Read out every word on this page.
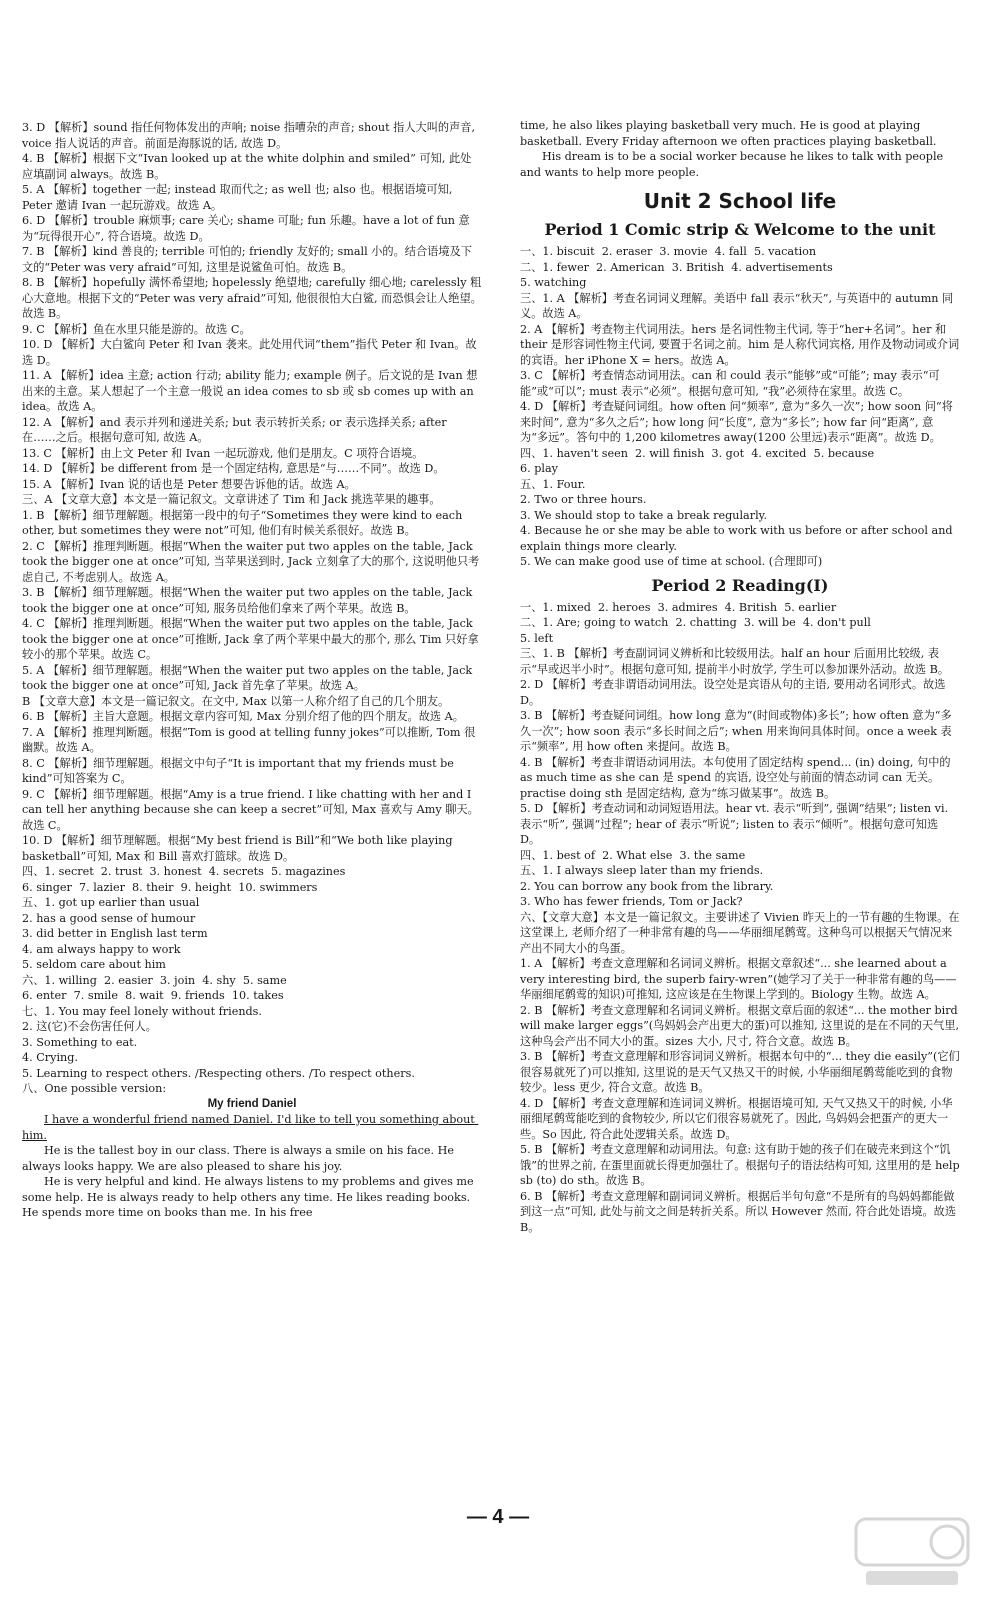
3. D 【解析】sound 指任何物体发出的声响; noise 指嘈杂的声音; shout 指人大叫的声音, voice 指人说话的声音。前面是海豚说的话, 故选 D。

4. B 【解析】根据下文“Ivan looked up at the white dolphin and smiled” 可知, 此处应填副词 always。故选 B。

5. A 【解析】together 一起; instead 取而代之; as well 也; also 也。根据语境可知, Peter 邀请 Ivan 一起玩游戏。故选 A。

6. D 【解析】trouble 麻烦事; care 关心; shame 可耻; fun 乐趣。have a lot of fun 意为“玩得很开心”, 符合语境。故选 D。

7. B 【解析】kind 善良的; terrible 可怕的; friendly 友好的; small 小的。结合语境及下文的“Peter was very afraid”可知, 这里是说鲨鱼可怕。故选 B。

8. B 【解析】hopefully 满怀希望地; hopelessly 绝望地; carefully 细心地; carelessly 粗心大意地。根据下文的“Peter was very afraid”可知, 他很很怕大白鲨, 而恐惧会让人绝望。故选 B。

9. C 【解析】鱼在水里只能是游的。故选 C。

10. D 【解析】大白鲨向 Peter 和 Ivan 袭来。此处用代词“them”指代 Peter 和 Ivan。故选 D。

11. A 【解析】idea 主意; action 行动; ability 能力; example 例子。后文说的是 Ivan 想出来的主意。某人想起了一个主意一般说 an idea comes to sb 或 sb comes up with an idea。故选 A。

12. A 【解析】and 表示并列和递进关系; but 表示转折关系; or 表示选择关系; after 在……之后。根据句意可知, 故选 A。

13. C 【解析】由上文 Peter 和 Ivan 一起玩游戏, 他们是朋友。C 项符合语境。

14. D 【解析】be different from 是一个固定结构, 意思是“与……不同”。故选 D。

15. A 【解析】Ivan 说的话也是 Peter 想要告诉他的话。故选 A。

三、A 【文章大意】本文是一篇记叙文。文章讲述了 Tim 和 Jack 挑选苹果的趣事。

1. B 【解析】细节理解题。根据第一段中的句子“Sometimes they were kind to each other, but sometimes they were not”可知, 他们有时候关系很好。故选 B。

2. C 【解析】推理判断题。根据“When the waiter put two apples on the table, Jack took the bigger one at once”可知, 当苹果送到时, Jack 立刻拿了大的那个, 这说明他只考虑自己, 不考虑别人。故选 A。

3. B 【解析】细节理解题。根据“When the waiter put two apples on the table, Jack took the bigger one at once”可知, 服务员给他们拿来了两个苹果。故选 B。

4. C 【解析】推理判断题。根据“When the waiter put two apples on the table, Jack took the bigger one at once”可推断, Jack 拿了两个苹果中最大的那个, 那么 Tim 只好拿较小的那个苹果。故选 C。

5. A 【解析】细节理解题。根据“When the waiter put two apples on the table, Jack took the bigger one at once”可知, Jack 首先拿了苹果。故选 A。

B 【文章大意】本文是一篇记叙文。在文中, Max 以第一人称介绍了自己的几个朋友。

6. B 【解析】主旨大意题。根据文章内容可知, Max 分别介绍了他的四个朋友。故选 A。

7. A 【解析】推理判断题。根据“Tom is good at telling funny jokes”可以推断, Tom 很幽默。故选 A。

8. C 【解析】细节理解题。根据文中句子“It is important that my friends must be kind”可知答案为 C。

9. C 【解析】细节理解题。根据“Amy is a true friend. I like chatting with her and I can tell her anything because she can keep a secret”可知, Max 喜欢与 Amy 聊天。故选 C。

10. D 【解析】细节理解题。根据“My best friend is Bill”和“We both like playing basketball”可知, Max 和 Bill 喜欢打篮球。故选 D。

四、1. secret  2. trust  3. honest  4. secrets  5. magazines

6. singer  7. lazier  8. their  9. height  10. swimmers

五、1. got up earlier than usual

2. has a good sense of humour

3. did better in English last term

4. am always happy to work

5. seldom care about him

六、1. willing  2. easier  3. join  4. shy  5. same

6. enter  7. smile  8. wait  9. friends  10. takes

七、1. You may feel lonely without friends.

2. 这(它)不会伤害任何人。

3. Something to eat.

4. Crying.

5. Learning to respect others. /Respecting others. /To respect others.

八、One possible version:

My friend Daniel

I have a wonderful friend named Daniel. I'd like to tell you something about him.

He is the tallest boy in our class. There is always a smile on his face. He always looks happy. We are also pleased to share his joy.

He is very helpful and kind. He always listens to my problems and gives me some help. He is always ready to help others any time. He likes reading books. He spends more time on books than me. In his free

time, he also likes playing basketball very much. He is good at playing basketball. Every Friday afternoon we often practices playing basketball.

His dream is to be a social worker because he likes to talk with people and wants to help more people.

Unit 2 School life
Period 1 Comic strip & Welcome to the unit

一、1. biscuit  2. eraser  3. movie  4. fall  5. vacation

二、1. fewer  2. American  3. British  4. advertisements

5. watching

三、1. A 【解析】考查名词词义理解。美语中 fall 表示“秋天”, 与英语中的 autumn 同义。故选 A。

2. A 【解析】考查物主代词用法。hers 是名词性物主代词, 等于“her+名词”。her 和 their 是形容词性物主代词, 要置于名词之前。him 是人称代词宾格, 用作及物动词或介词的宾语。her iPhone X = hers。故选 A。

3. C 【解析】考查情态动词用法。can 和 could 表示“能够”或“可能”; may 表示“可能”或“可以”; must 表示“必须”。根据句意可知, “我”必须待在家里。故选 C。

4. D 【解析】考查疑问词组。how often 问“频率”, 意为“多久一次”; how soon 问“将来时间”, 意为“多久之后”; how long 问“长度”, 意为“多长”; how far 问“距离”, 意为“多远”。答句中的 1,200 kilometres away(1200 公里远)表示“距离”。故选 D。

四、1. haven't seen  2. will finish  3. got  4. excited  5. because

6. play

五、1. Four.

2. Two or three hours.

3. We should stop to take a break regularly.

4. Because he or she may be able to work with us before or after school and explain things more clearly.

5. We can make good use of time at school. (合理即可)

Period 2 Reading(Ⅰ)

一、1. mixed  2. heroes  3. admires  4. British  5. earlier

二、1. Are; going to watch  2. chatting  3. will be  4. don't pull

5. left

三、1. B 【解析】考查副词词义辨析和比较级用法。half an hour 后面用比较级, 表示“早或迟半小时”。根据句意可知, 提前半小时放学, 学生可以参加课外活动。故选 B。

2. D 【解析】考查非谓语动词用法。设空处是宾语从句的主语, 要用动名词形式。故选 D。

3. B 【解析】考查疑问词组。how long 意为“(时间或物体)多长”; how often 意为“多久一次”; how soon 表示“多长时间之后”; when 用来询问具体时间。once a week 表示“频率”, 用 how often 来提问。故选 B。

4. B 【解析】考查非谓语动词用法。本句使用了固定结构 spend... (in) doing, 句中的 as much time as she can 是 spend 的宾语, 设空处与前面的情态动词 can 无关。practise doing sth 是固定结构, 意为“练习做某事”。故选 B。

5. D 【解析】考查动词和动词短语用法。hear vt. 表示“听到”, 强调“结果”; listen vi. 表示“听”, 强调“过程”; hear of 表示“听说”; listen to 表示“倾听”。根据句意可知选 D。

四、1. best of  2. What else  3. the same

五、1. I always sleep later than my friends.

2. You can borrow any book from the library.

3. Who has fewer friends, Tom or Jack?

六、【文章大意】本文是一篇记叙文。主要讲述了 Vivien 昨天上的一节有趣的生物课。在这堂课上, 老师介绍了一种非常有趣的鸟——华丽细尾鹩莺。这种鸟可以根据天气情况来产出不同大小的鸟蛋。

1. A 【解析】考查文意理解和名词词义辨析。根据文章叙述“... she learned about a very interesting bird, the superb fairy-wren”(她学习了关于一种非常有趣的鸟——华丽细尾鹩莺的知识)可推知, 这应该是在生物课上学到的。Biology 生物。故选 A。

2. B 【解析】考查文意理解和名词词义辨析。根据文章后面的叙述“... the mother bird will make larger eggs”(鸟妈妈会产出更大的蛋)可以推知, 这里说的是在不同的天气里, 这种鸟会产出不同大小的蛋。sizes 大小, 尺寸, 符合文意。故选 B。

3. B 【解析】考查文意理解和形容词词义辨析。根据本句中的“... they die easily”(它们很容易就死了)可以推知, 这里说的是天气又热又干的时候, 小华丽细尾鹩莺能吃到的食物较少。less 更少, 符合文意。故选 B。

4. D 【解析】考查文意理解和连词词义辨析。根据语境可知, 天气又热又干的时候, 小华丽细尾鹩莺能吃到的食物较少, 所以它们很容易就死了。因此, 鸟妈妈会把蛋产的更大一些。So 因此, 符合此处逻辑关系。故选 D。

5. B 【解析】考查文意理解和动词用法。句意: 这有助于她的孩子们在破壳来到这个“饥饿”的世界之前, 在蛋里面就长得更加强壮了。根据句子的语法结构可知, 这里用的是 help sb (to) do sth。故选 B。

6. B 【解析】考查文意理解和副词词义辨析。根据后半句句意“不是所有的鸟妈妈都能做到这一点”可知, 此处与前文之间是转折关系。所以 However 然而, 符合此处语境。故选 B。

— 4 —
